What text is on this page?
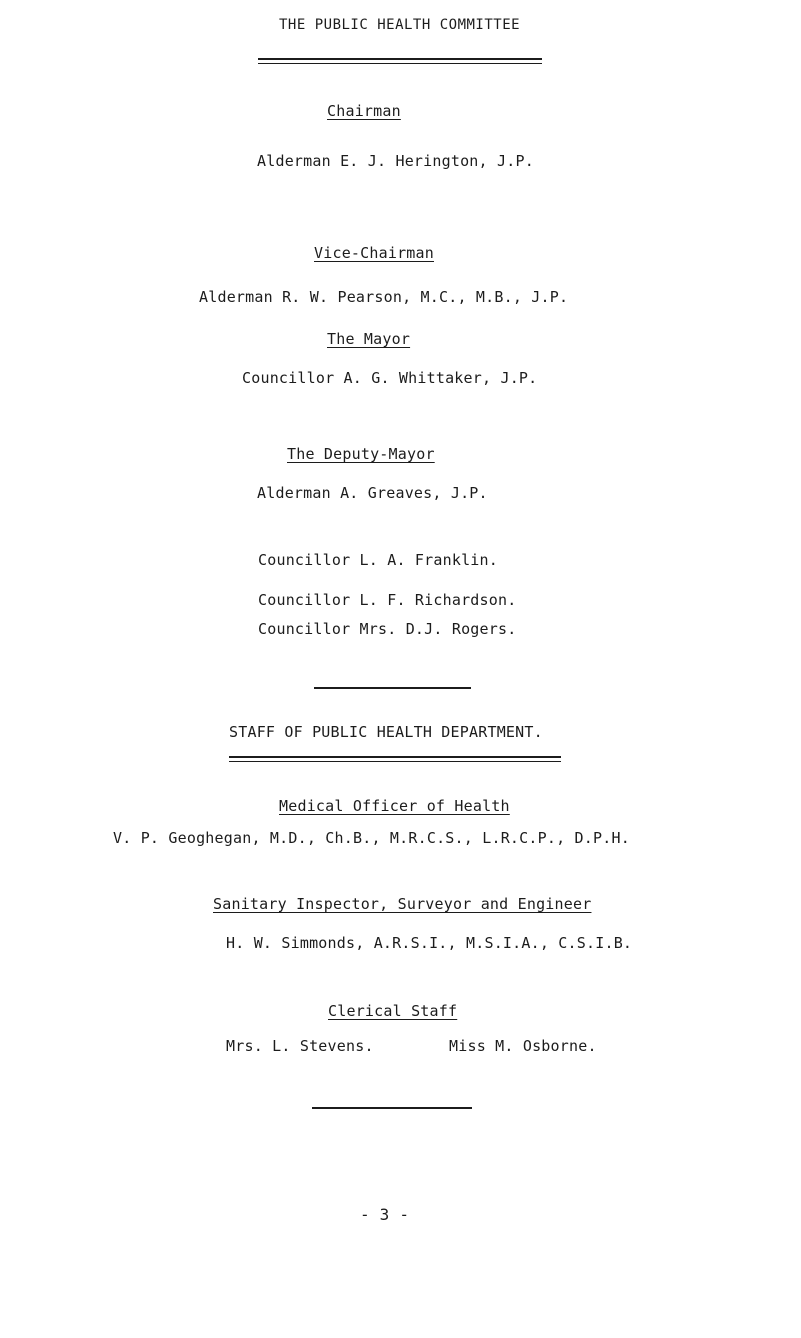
THE PUBLIC HEALTH COMMITTEE
Chairman
Alderman E. J. Herington, J.P.
Vice-Chairman
Alderman R. W. Pearson, M.C., M.B., J.P.
The Mayor
Councillor A. G. Whittaker, J.P.
The Deputy-Mayor
Alderman A. Greaves, J.P.
Councillor L. A. Franklin.
Councillor L. F. Richardson.
Councillor Mrs. D.J. Rogers.
STAFF OF PUBLIC HEALTH DEPARTMENT.
Medical Officer of Health
V. P. Geoghegan, M.D., Ch.B., M.R.C.S., L.R.C.P., D.P.H.
Sanitary Inspector, Surveyor and Engineer
H. W. Simmonds, A.R.S.I., M.S.I.A., C.S.I.B.
Clerical Staff
Mrs. L. Stevens.	Miss M. Osborne.
- 3 -
